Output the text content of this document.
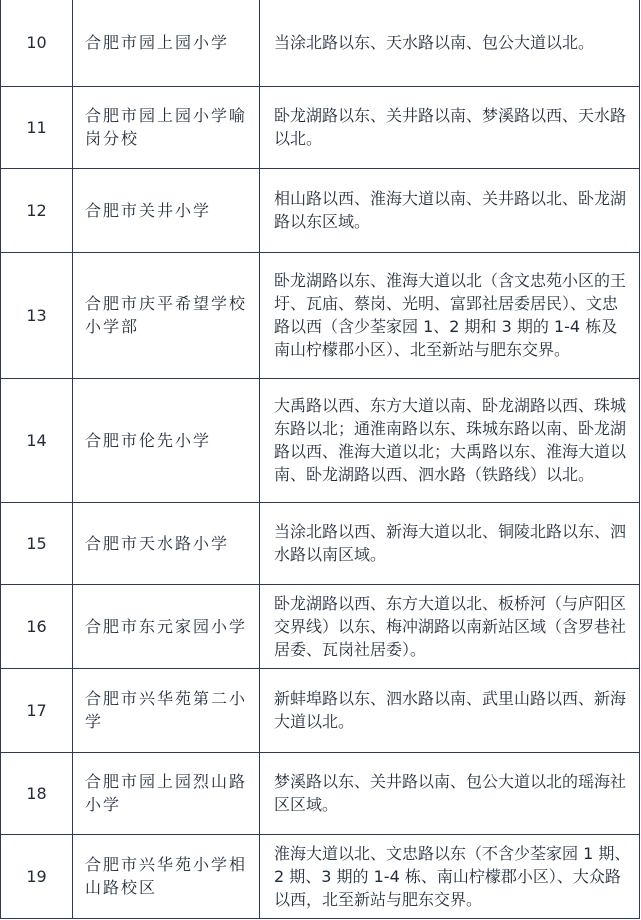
10	合肥市园上园小学	当涂北路以东、天水路以南、包公大道以北。
11	合肥市园上园小学喻岗分校	卧龙湖路以东、关井路以南、梦溪路以西、天水路以北。
12	合肥市关井小学	相山路以西、淮海大道以南、关井路以北、卧龙湖路以东区域。
13	合肥市庆平希望学校小学部	卧龙湖路以东、淮海大道以北（含文忠苑小区的王圩、瓦庙、蔡岗、光明、富郢社居委居民）、文忠路以西（含少荃家园 1、2 期和 3 期的 1-4 栋及南山柠檬郡小区）、北至新站与肥东交界。
14	合肥市伦先小学	大禹路以西、东方大道以南、卧龙湖路以西、珠城东路以北；通淮南路以东、珠城东路以南、卧龙湖路以西、淮海大道以北；大禹路以东、淮海大道以南、卧龙湖路以西、泗水路（铁路线）以北。
15	合肥市天水路小学	当涂北路以西、新海大道以北、铜陵北路以东、泗水路以南区域。
16	合肥市东元家园小学	卧龙湖路以西、东方大道以北、板桥河（与庐阳区交界线）以东、梅冲湖路以南新站区域（含罗巷社居委、瓦岗社居委）。
17	合肥市兴华苑第二小学	新蚌埠路以东、泗水路以南、武里山路以西、新海大道以北。
18	合肥市园上园烈山路小学	梦溪路以东、关井路以南、包公大道以北的瑶海社区区域。
19	合肥市兴华苑小学相山路校区	淮海大道以北、文忠路以东（不含少荃家园 1 期、2 期、3 期的 1-4 栋、南山柠檬郡小区）、大众路以西，北至新站与肥东交界。
